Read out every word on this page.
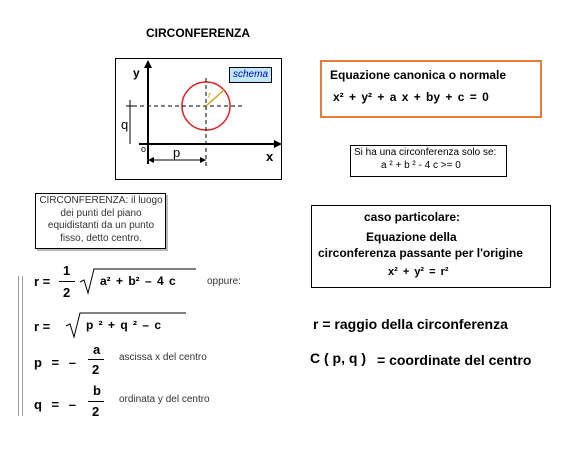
CIRCONFERENZA
y
x
o
q
p
r
schema	Equazione canonica o normale
x² + y² + a x + by + c = 0
Si ha una circonferenza solo se:
a ² + b ² - 4 c >= 0
CIRCONFERENZA: il luogo dei punti del piano equidistanti da un punto fisso, detto centro.
caso particolare:
Equazione della
circonferenza passante per l'origine
x² + y² = r²
r =
1
2
a² + b² – 4 c	oppure:
r =	p ² + q ² – c
p = –
a
2
ascissa x del centro
q = –
b
2
ordinata y del centro
r = raggio della circonferenza
C ( p, q ) = coordinate del centro
